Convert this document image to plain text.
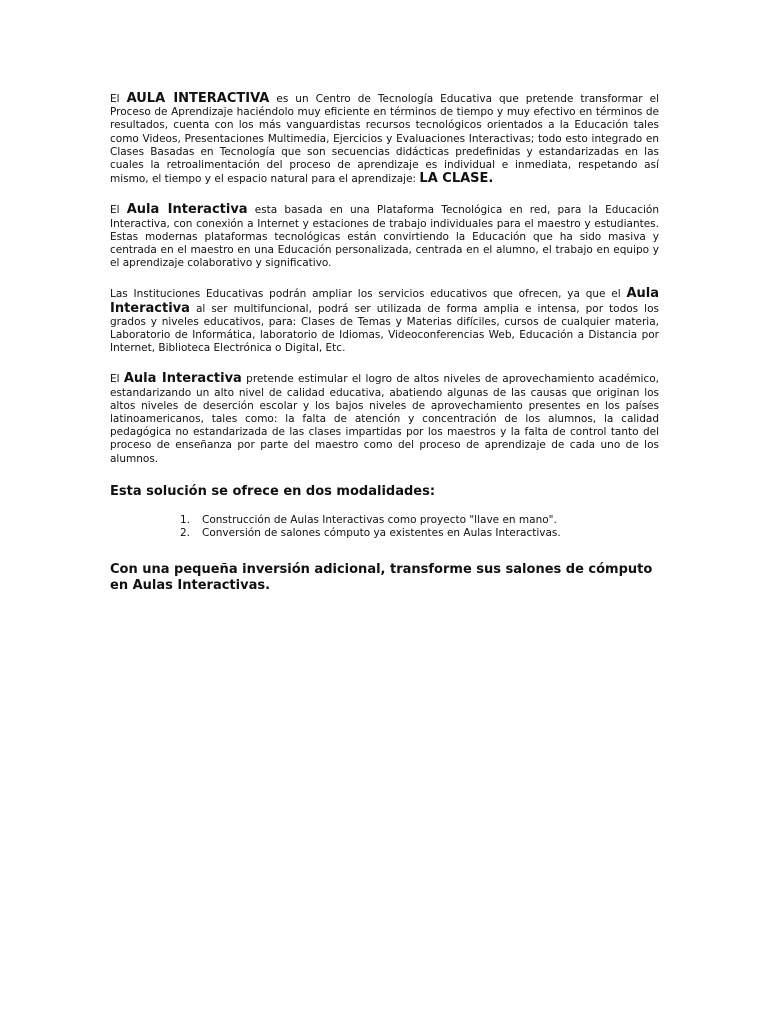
El AULA INTERACTIVA es un Centro de Tecnología Educativa que pretende transformar el Proceso de Aprendizaje haciéndolo muy eficiente en términos de tiempo y muy efectivo en términos de resultados, cuenta con los más vanguardistas recursos tecnológicos orientados a la Educación tales como Videos, Presentaciones Multimedia, Ejercicios y Evaluaciones Interactivas; todo esto integrado en Clases Basadas en Tecnología que son secuencias didácticas predefinidas y estandarizadas en las cuales la retroalimentación del proceso de aprendizaje es individual e inmediata, respetando así mismo, el tiempo y el espacio natural para el aprendizaje: LA CLASE.

El Aula Interactiva esta basada en una Plataforma Tecnológica en red, para la Educación Interactiva, con conexión a Internet y estaciones de trabajo individuales para el maestro y estudiantes. Estas modernas plataformas tecnológicas están convirtiendo la Educación que ha sido masiva y centrada en el maestro en una Educación personalizada, centrada en el alumno, el trabajo en equipo y el aprendizaje colaborativo y significativo.

Las Instituciones Educativas podrán ampliar los servicios educativos que ofrecen, ya que el Aula Interactiva al ser multifuncional, podrá ser utilizada de forma amplia e intensa, por todos los grados y niveles educativos, para: Clases de Temas y Materias difíciles, cursos de cualquier materia, Laboratorio de Informática, laboratorio de Idiomas, Videoconferencias Web, Educación a Distancia por Internet, Biblioteca Electrónica o Digital, Etc.

El Aula Interactiva pretende estimular el logro de altos niveles de aprovechamiento académico, estandarizando un alto nivel de calidad educativa, abatiendo algunas de las causas que originan los altos niveles de deserción escolar y los bajos niveles de aprovechamiento presentes en los países latinoamericanos, tales como: la falta de atención y concentración de los alumnos, la calidad pedagógica no estandarizada de las clases impartidas por los maestros y la falta de control tanto del proceso de enseñanza por parte del maestro como del proceso de aprendizaje de cada uno de los alumnos.

Esta solución se ofrece en dos modalidades:
1. Construcción de Aulas Interactivas como proyecto "llave en mano".
2. Conversión de salones cómputo ya existentes en Aulas Interactivas.

Con una pequeña inversión adicional, transforme sus salones de cómputo en Aulas Interactivas.
